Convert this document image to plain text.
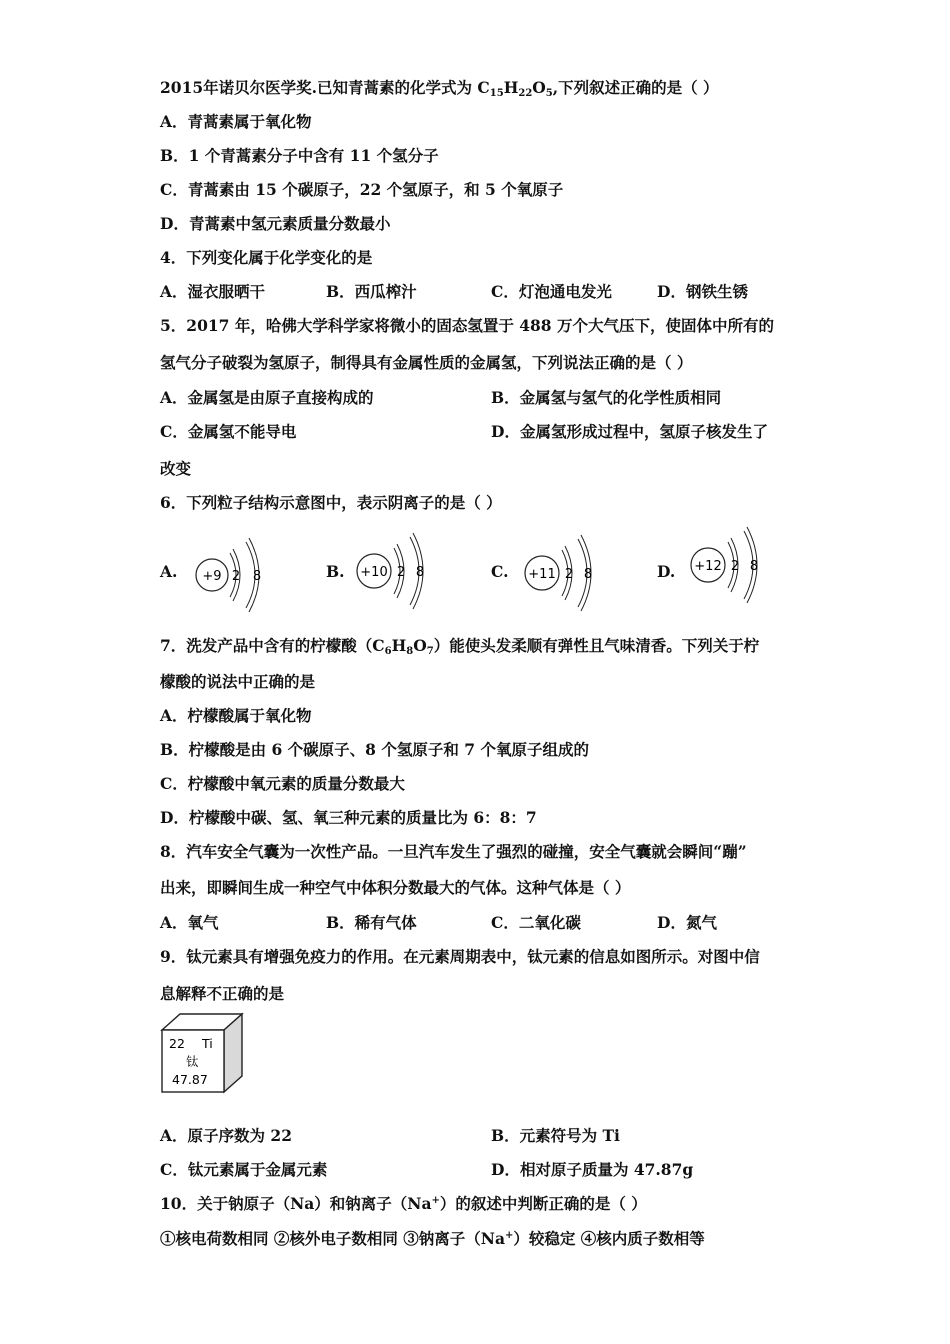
2015年诺贝尔医学奖.已知青蒿素的化学式为 $C_{15}H_{22}O_5$,下列叙述正确的是（ ）
A．青蒿素属于氧化物
B．1 个青蒿素分子中含有 11 个氢分子
C．青蒿素由 15 个碳原子，22 个氢原子，和 5 个氧原子
D．青蒿素中氢元素质量分数最小
4．下列变化属于化学变化的是
A．湿衣服晒干	B．西瓜榨汁	C．灯泡通电发光	D．钢铁生锈
5．2017 年，哈佛大学科学家将微小的固态氢置于 488 万个大气压下，使固体中所有的
氢气分子破裂为氢原子，制得具有金属性质的金属氢，下列说法正确的是（ ）
A．金属氢是由原子直接构成的	B．金属氢与氢气的化学性质相同
C．金属氢不能导电	D．金属氢形成过程中，氢原子核发生了
改变
6．下列粒子结构示意图中，表示阴离子的是（ ）
A. +9 2 8	B. +10 2 8	C. +11 2 8	D. +12 2 8
7．洗发产品中含有的柠檬酸$(C_6H_8O_7)$能使头发柔顺有弹性且气味清香。下列关于柠
檬酸的说法中正确的是
A．柠檬酸属于氧化物
B．柠檬酸是由 6 个碳原子、8 个氢原子和 7 个氧原子组成的
C．柠檬酸中氧元素的质量分数最大
D．柠檬酸中碳、氢、氧三种元素的质量比为 6：8：7
8．汽车安全气囊为一次性产品。一旦汽车发生了强烈的碰撞，安全气囊就会瞬间“蹦”
出来，即瞬间生成一种空气中体积分数最大的气体。这种气体是（ ）
A．氧气	B．稀有气体	C．二氧化碳	D．氮气
9．钛元素具有增强免疫力的作用。在元素周期表中，钛元素的信息如图所示。对图中信
息解释不正确的是
22 Ti
钛
47.87
A．原子序数为 22	B．元素符号为 Ti
C．钛元素属于金属元素	D．相对原子质量为 47.87g
10．关于钠原子（Na）和钠离子（Na+）的叙述中判断正确的是（ ）
①核电荷数相同 ②核外电子数相同 ③钠离子（Na+）较稳定 ④核内质子数相等
